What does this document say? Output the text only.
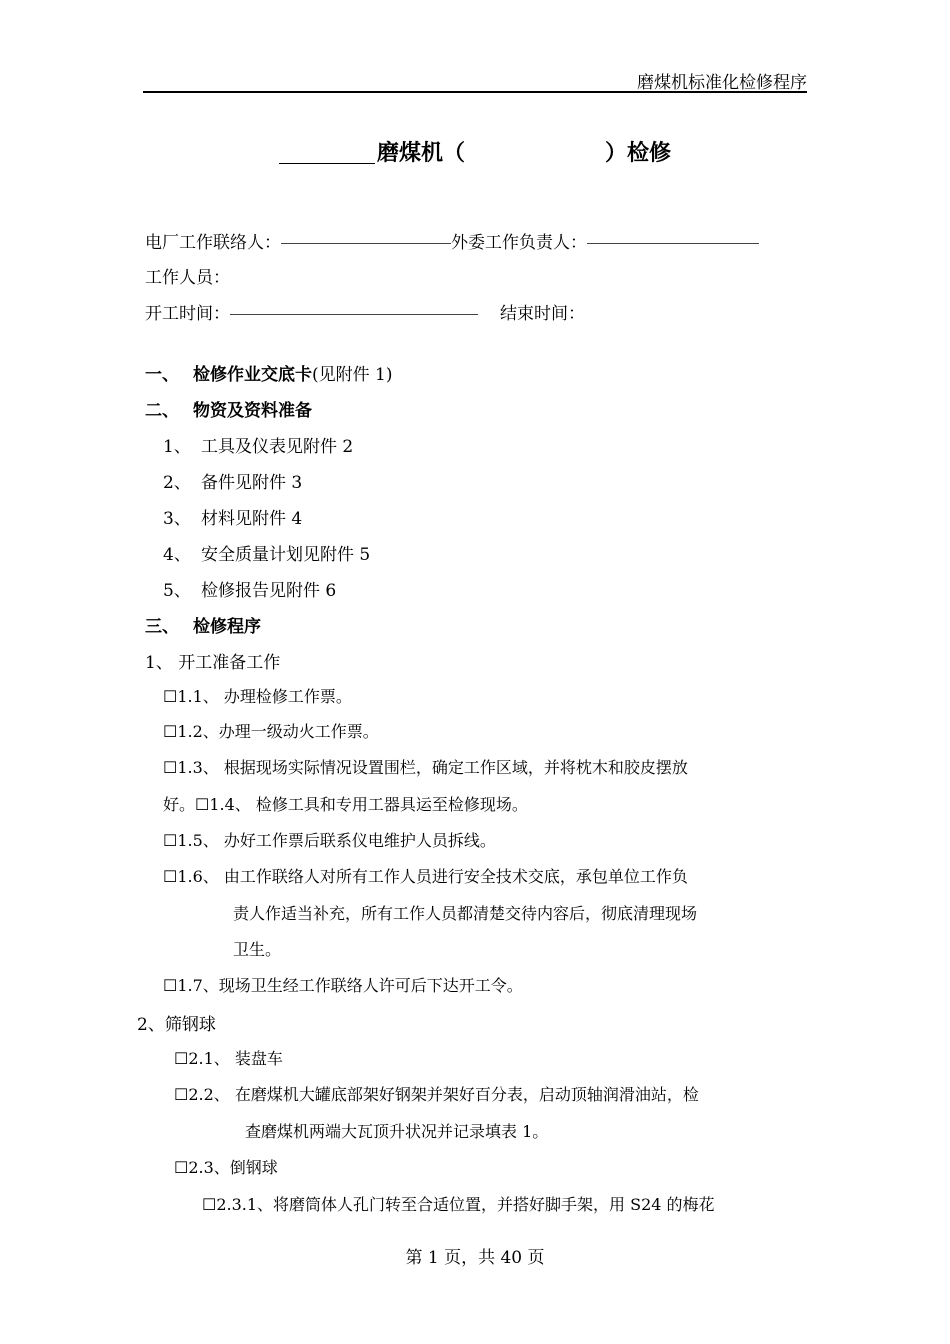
磨煤机标准化检修程序
磨煤机（	）检修
电厂工作联络人：	外委工作负责人：
工作人员：
开工时间：	结束时间：
一、 检修作业交底卡(见附件 1)
二、 物资及资料准备
1、 工具及仪表见附件 2
2、 备件见附件 3
3、 材料见附件 4
4、 安全质量计划见附件 5
5、 检修报告见附件 6
三、 检修程序
1、 开工准备工作
☐1.1、 办理检修工作票。
☐1.2、办理一级动火工作票。
☐1.3、 根据现场实际情况设置围栏，确定工作区域，并将枕木和胶皮摆放
好。☐1.4、 检修工具和专用工器具运至检修现场。
☐1.5、 办好工作票后联系仪电维护人员拆线。
☐1.6、 由工作联络人对所有工作人员进行安全技术交底，承包单位工作负
责人作适当补充，所有工作人员都清楚交待内容后，彻底清理现场
卫生。
☐1.7、现场卫生经工作联络人许可后下达开工令。
2、筛钢球
☐2.1、 装盘车
☐2.2、 在磨煤机大罐底部架好钢架并架好百分表，启动顶轴润滑油站，检
查磨煤机两端大瓦顶升状况并记录填表 1。
☐2.3、倒钢球
☐2.3.1、将磨筒体人孔门转至合适位置，并搭好脚手架，用 S24 的梅花
第 1 页，共 40 页
